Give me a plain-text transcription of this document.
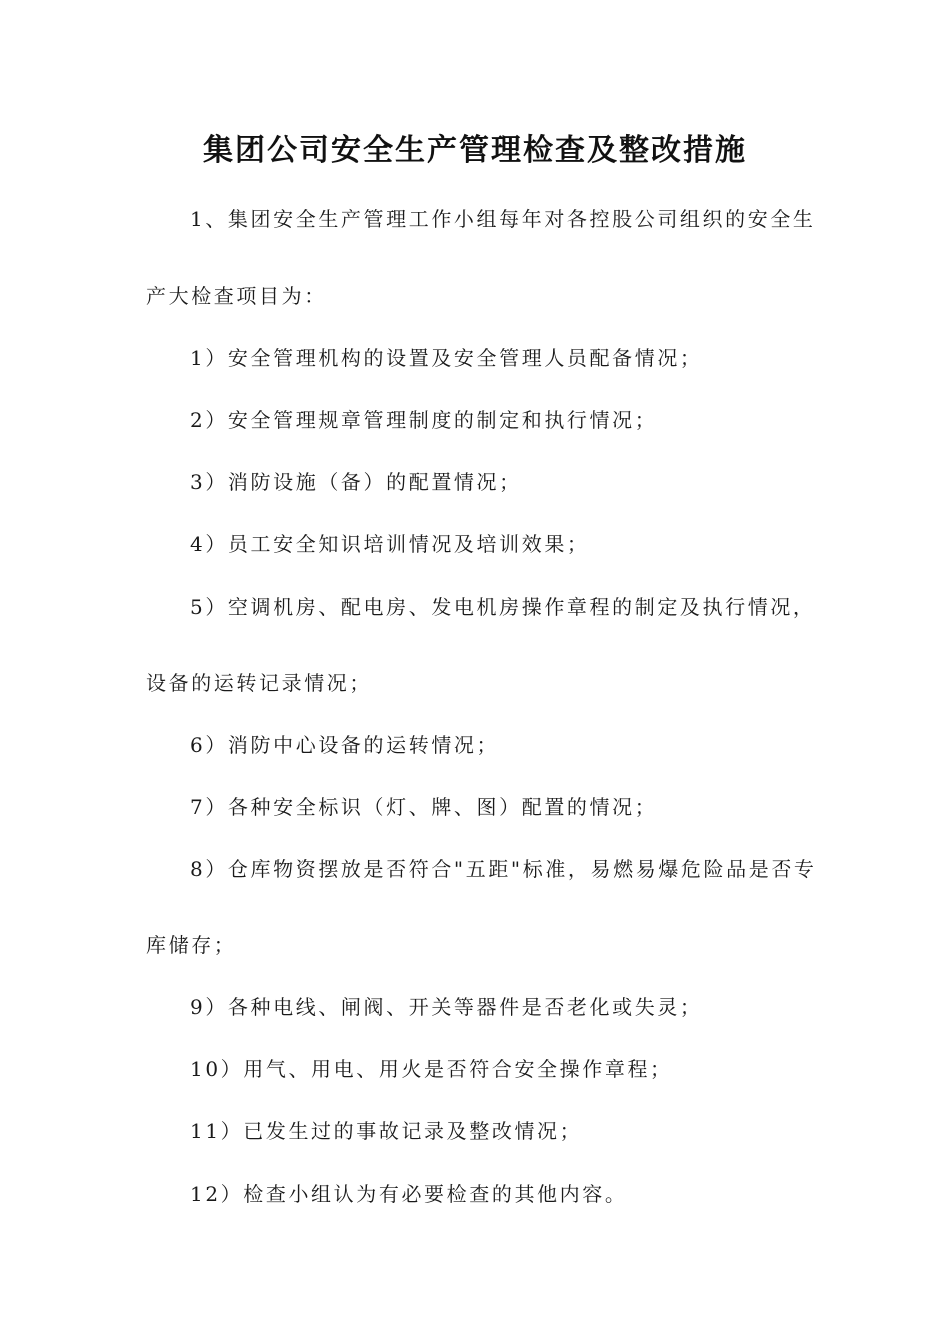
集团公司安全生产管理检查及整改措施
1、集团安全生产管理工作小组每年对各控股公司组织的安全生
产大检查项目为：
1）安全管理机构的设置及安全管理人员配备情况；
2）安全管理规章管理制度的制定和执行情况；
3）消防设施（备）的配置情况；
4）员工安全知识培训情况及培训效果；
5）空调机房、配电房、发电机房操作章程的制定及执行情况，
设备的运转记录情况；
6）消防中心设备的运转情况；
7）各种安全标识（灯、牌、图）配置的情况；
8）仓库物资摆放是否符合"五距"标准，易燃易爆危险品是否专
库储存；
9）各种电线、闸阀、开关等器件是否老化或失灵；
10）用气、用电、用火是否符合安全操作章程；
11）已发生过的事故记录及整改情况；
12）检查小组认为有必要检查的其他内容。
